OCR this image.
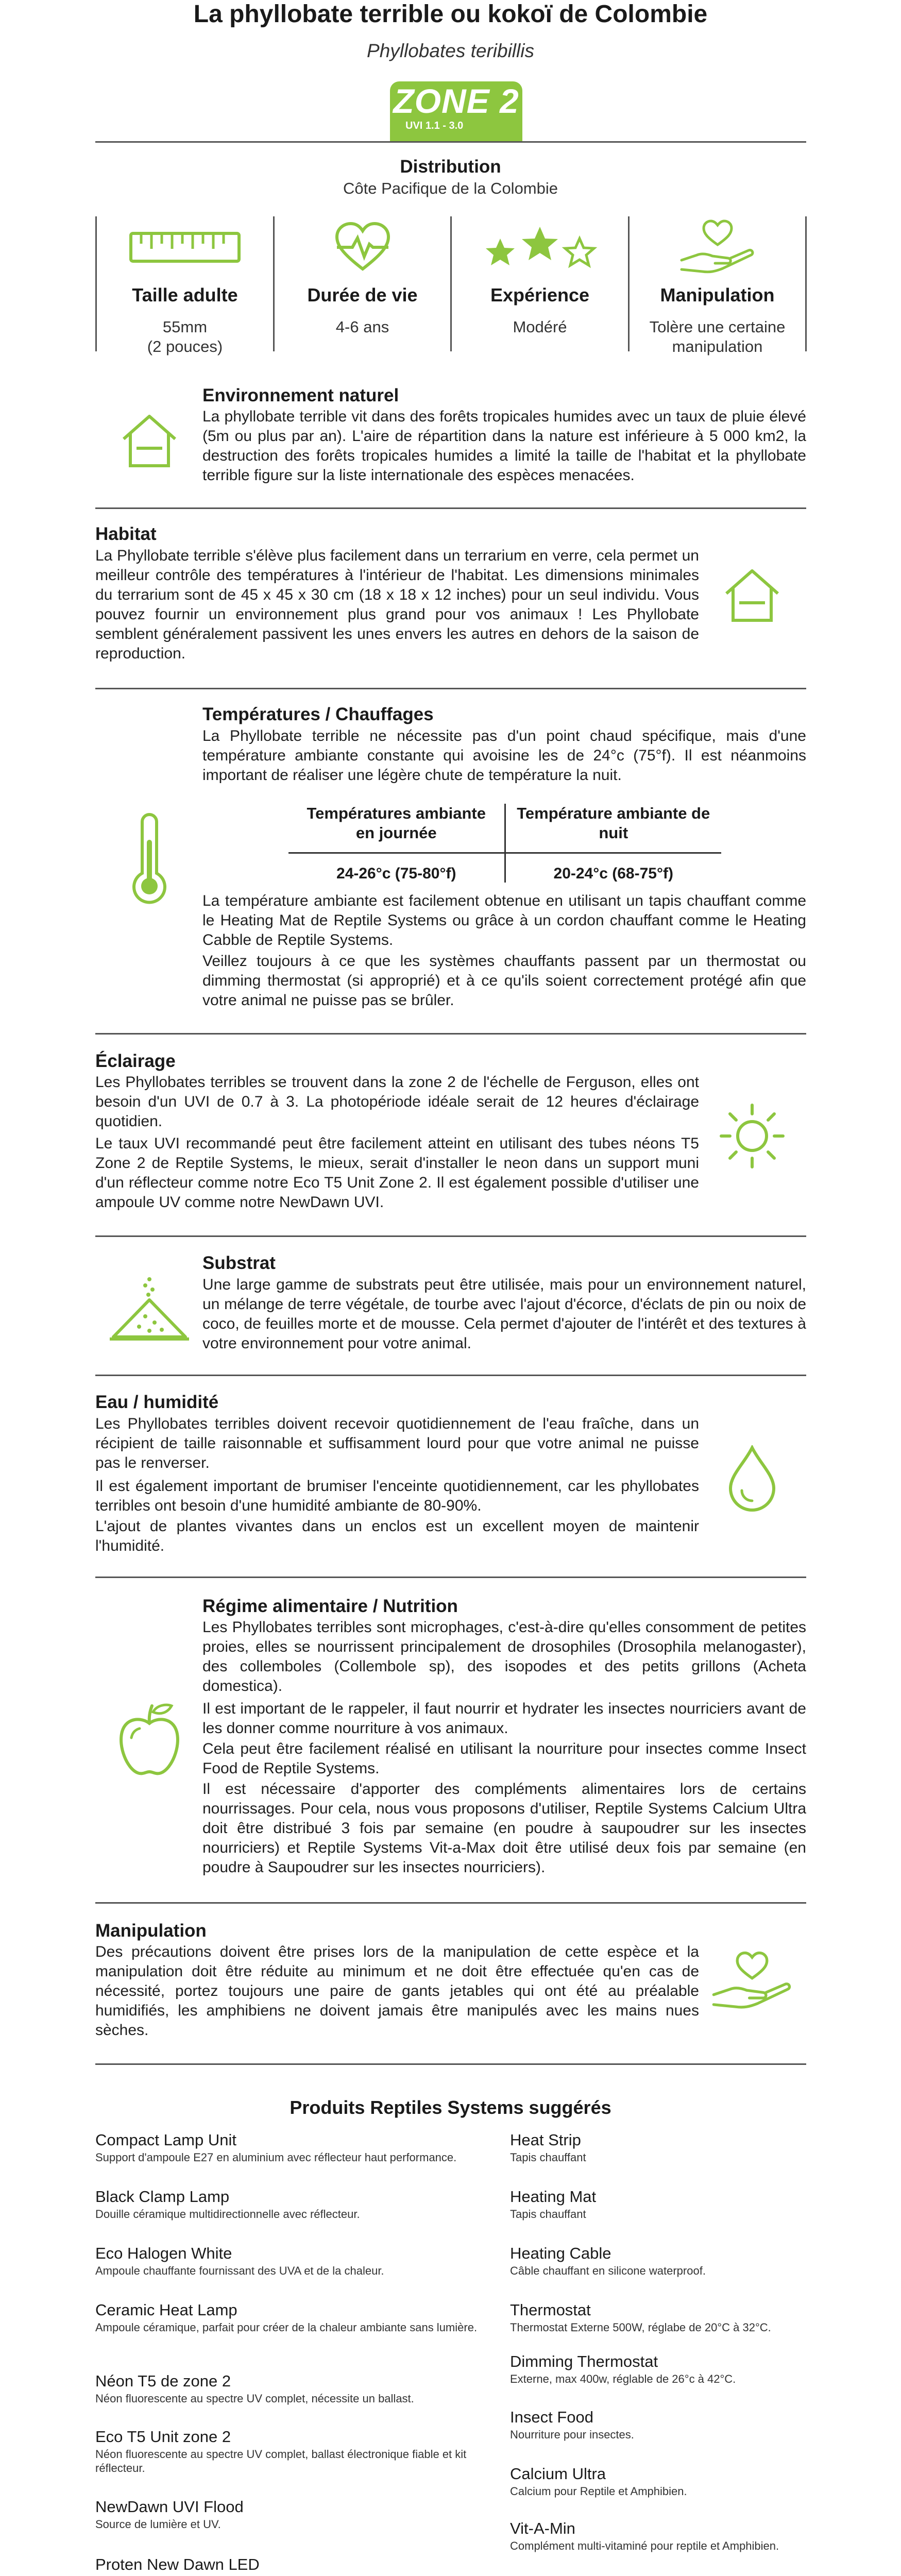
La phyllobate terrible ou kokoï de Colombie
Phyllobates teribillis
ZONE 2
UVI 1.1 - 3.0
Distribution
Côte Pacifique de la Colombie
Taille adulte
55mm
(2 pouces)
Durée de vie
4-6 ans
Expérience
Modéré
Manipulation
Tolère une certaine
manipulation
Environnement naturel
La phyllobate terrible vit dans des forêts tropicales humides avec un taux de pluie élevé (5m ou plus par an). L'aire de répartition dans la nature est inférieure à 5 000 km2, la destruction des forêts tropicales humides a limité la taille de l'habitat et la phyllobate terrible figure sur la liste internationale des espèces menacées.
Habitat
La Phyllobate terrible s'élève plus facilement dans un terrarium en verre, cela permet un meilleur contrôle des températures à l'intérieur de l'habitat. Les dimensions minimales du terrarium sont de 45 x 45 x 30 cm (18 x 18 x 12 inches) pour un seul individu. Vous pouvez fournir un environnement plus grand pour vos animaux ! Les Phyllobate semblent généralement passivent les unes envers les autres en dehors de la saison de reproduction.
Températures / Chauffages
La Phyllobate terrible ne nécessite pas d'un point chaud spécifique, mais d'une température ambiante constante qui avoisine les de 24°c (75°f). Il est néanmoins important de réaliser une légère chute de température la nuit.
Températures ambiante en journée	Température ambiante de nuit
24-26°c (75-80°f)	20-24°c (68-75°f)
La température ambiante est facilement obtenue en utilisant un tapis chauffant comme le Heating Mat de Reptile Systems ou grâce à un cordon chauffant comme le Heating Cabble de Reptile Systems.
Veillez toujours à ce que les systèmes chauffants passent par un thermostat ou dimming thermostat (si approprié) et à ce qu'ils soient correctement protégé afin que votre animal ne puisse pas se brûler.
Éclairage
Les Phyllobates terribles se trouvent dans la zone 2 de l'échelle de Ferguson, elles ont besoin d'un UVI de 0.7 à 3. La photopériode idéale serait de 12 heures d'éclairage quotidien.
Le taux UVI recommandé peut être facilement atteint en utilisant des tubes néons T5 Zone 2 de Reptile Systems, le mieux, serait d'installer le neon dans un support muni d'un réflecteur comme notre Eco T5 Unit Zone 2. Il est également possible d'utiliser une ampoule UV comme notre NewDawn UVI.
Substrat
Une large gamme de substrats peut être utilisée, mais pour un environnement naturel, un mélange de terre végétale, de tourbe avec l'ajout d'écorce, d'éclats de pin ou noix de coco, de feuilles morte et de mousse. Cela permet d'ajouter de l'intérêt et des textures à votre environnement pour votre animal.
Eau / humidité
Les Phyllobates terribles doivent recevoir quotidiennement de l'eau fraîche, dans un récipient de taille raisonnable et suffisamment lourd pour que votre animal ne puisse pas le renverser.
Il est également important de brumiser l'enceinte quotidiennement, car les phyllobates terribles ont besoin d'une humidité ambiante de 80-90%.
L'ajout de plantes vivantes dans un enclos est un excellent moyen de maintenir l'humidité.
Régime alimentaire / Nutrition
Les Phyllobates terribles sont microphages, c'est-à-dire qu'elles consomment de petites proies, elles se nourrissent principalement de drosophiles (Drosophila melanogaster), des collemboles (Collembole sp), des isopodes et des petits grillons (Acheta domestica).
Il est important de le rappeler, il faut nourrir et hydrater les insectes nourriciers avant de les donner comme nourriture à vos animaux.
Cela peut être facilement réalisé en utilisant la nourriture pour insectes comme Insect Food de Reptile Systems.
Il est nécessaire d'apporter des compléments alimentaires lors de certains nourrissages. Pour cela, nous vous proposons d'utiliser, Reptile Systems Calcium Ultra doit être distribué 3 fois par semaine (en poudre à saupoudrer sur les insectes nourriciers) et Reptile Systems Vit-a-Max doit être utilisé deux fois par semaine (en poudre à Saupoudrer sur les insectes nourriciers).
Manipulation
Des précautions doivent être prises lors de la manipulation de cette espèce et la manipulation doit être réduite au minimum et ne doit être effectuée qu'en cas de nécessité, portez toujours une paire de gants jetables qui ont été au préalable humidifiés, les amphibiens ne doivent jamais être manipulés avec les mains nues sèches.
Produits Reptiles Systems suggérés
Compact Lamp Unit
Support d'ampoule E27 en aluminium avec réflecteur haut performance.
Black Clamp Lamp
Douille céramique multidirectionnelle avec réflecteur.
Eco Halogen White
Ampoule chauffante fournissant des UVA et de la chaleur.
Ceramic Heat Lamp
Ampoule céramique, parfait pour créer de la chaleur ambiante sans lumière.
Néon T5 de zone 2
Néon fluorescente au spectre UV complet, nécessite un ballast.
Eco T5 Unit zone 2
Néon fluorescente au spectre UV complet, ballast électronique fiable et kit réflecteur.
NewDawn UVI Flood
Source de lumière et UV.
Proten New Dawn LED
Heat Strip
Tapis chauffant
Heating Mat
Tapis chauffant
Heating Cable
Câble chauffant en silicone waterproof.
Thermostat
Thermostat Externe 500W, réglabe de 20°C à 32°C.
Dimming Thermostat
Externe, max 400w, réglable de 26°c à 42°C.
Insect Food
Nourriture pour insectes.
Calcium Ultra
Calcium pour Reptile et Amphibien.
Vit-A-Min
Complément multi-vitaminé pour reptile et Amphibien.
